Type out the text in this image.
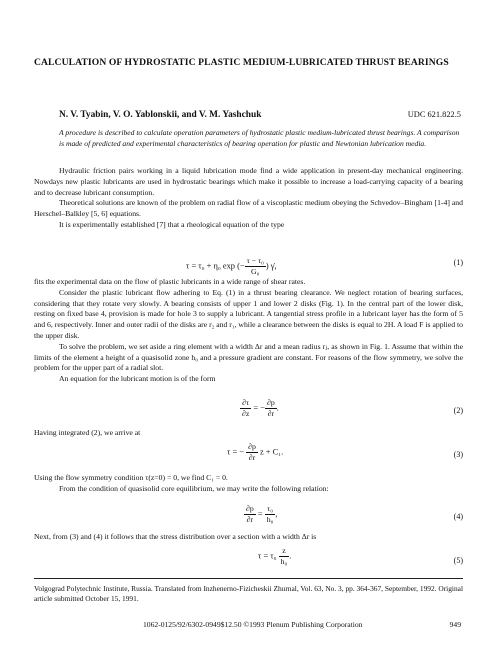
CALCULATION OF HYDROSTATIC PLASTIC MEDIUM-LUBRICATED THRUST BEARINGS
N. V. Tyabin, V. O. Yablonskii, and V. M. Yashchuk	UDC 621.822.5
A procedure is described to calculate operation parameters of hydrostatic plastic medium-lubricated thrust bearings. A comparison is made of predicted and experimental characteristics of bearing operation for plastic and Newtonian lubrication media.

Hydraulic friction pairs working in a liquid lubrication mode find a wide application in present-day mechanical engineering. Nowdays new plastic lubricants are used in hydrostatic bearings which make it possible to increase a load-carrying capacity of a bearing and to decrease lubricant consumption.

Theoretical solutions are known of the problem on radial flow of a viscoplastic medium obeying the Schvedov–Bingham [1-4] and Herschel–Balkley [5, 6] equations.

It is experimentally established [7] that a rheological equation of the type

τ = τ₀ + η₀ exp (− $\frac{\text{τ − τ₀}}{\text{G₀}}$ ) γ̇,	(1)

fits the experimental data on the flow of plastic lubricants in a wide range of shear rates.

Consider the plastic lubricant flow adhering to Eq. (1) in a thrust bearing clearance. We neglect rotation of bearing surfaces, considering that they rotate very slowly. A bearing consists of upper 1 and lower 2 disks (Fig. 1). In the central part of the lower disk, resting on fixed base 4, provision is made for hole 3 to supply a lubricant. A tangential stress profile in a lubricant layer has the form of 5 and 6, respectively. Inner and outer radii of the disks are r₂ and r₁, while a clearance between the disks is equal to 2H. A load F is applied to the upper disk.

To solve the problem, we set aside a ring element with a width Δr and a mean radius rⱼ, as shown in Fig. 1. Assume that within the limits of the element a height of a quasisolid zone h₀ and a pressure gradient are constant. For reasons of the flow symmetry, we solve the problem for the upper part of a radial slot.

An equation for the lubricant motion is of the form

$\frac{\partial\tau}{\partial z}$ = − $\frac{\partial p}{\partial r}$ .	(2)

Having integrated (2), we arrive at

τ = − $\frac{\partial p}{\partial r}$ z + C₁.	(3)

Using the flow symmetry condition τ(z=0) = 0, we find C₁ = 0.

From the condition of quasisolid core equilibrium, we may write the following relation:

$\frac{\partial p}{\partial r} = \frac{\text{τ₀}}{\text{h₀}}$ ,	(4)

Next, from (3) and (4) it follows that the stress distribution over a section with a width Δr is

$\tau = \tau_0 \frac{z}{\text{h₀}}$ .
(5)
Volgograd Polytechnic Institute, Russia. Translated from Inzhenerno-Fizicheskii Zhurnal, Vol. 63, No. 3, pp. 364-367, September, 1992. Original article submitted October 15, 1991.
1062-0125/92/6302-0949$12.50 ©1993 Plenum Publishing Corporation	949
